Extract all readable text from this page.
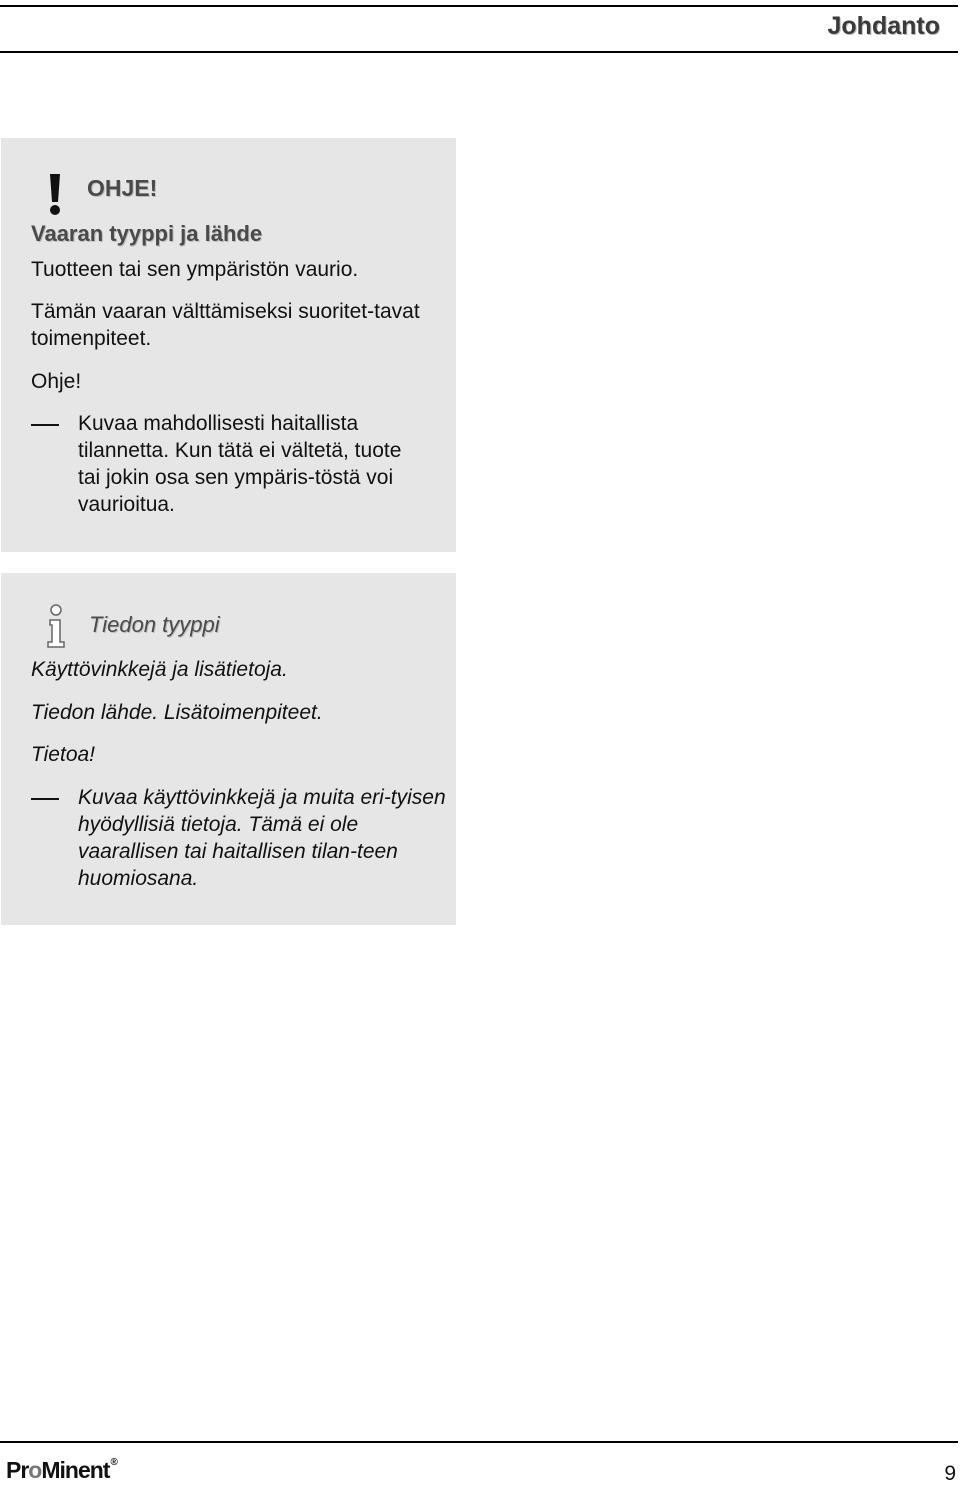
Johdanto
OHJE!
Vaaran tyyppi ja lähde
Tuotteen tai sen ympäristön vaurio.
Tämän vaaran välttämiseksi suoritet-tavat toimenpiteet.
Ohje!
Kuvaa mahdollisesti haitallista tilannetta. Kun tätä ei vältetä, tuote tai jokin osa sen ympäris-töstä voi vaurioitua.
Tiedon tyyppi
Käyttövinkkejä ja lisätietoja.
Tiedon lähde. Lisätoimenpiteet.
Tietoa!
Kuvaa käyttövinkkejä ja muita eri-tyisen hyödyllisiä tietoja. Tämä ei ole vaarallisen tai haitallisen tilan-teen huomiosana.
ProMinent®	9
